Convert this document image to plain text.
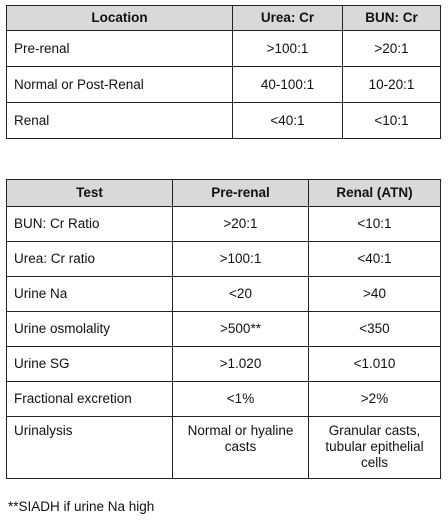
Location	Urea: Cr	BUN: Cr
Pre-renal	>100:1	>20:1
Normal or Post-Renal	40-100:1	10-20:1
Renal	<40:1	<10:1
Test	Pre-renal	Renal (ATN)
BUN: Cr Ratio	>20:1	<10:1
Urea: Cr ratio	>100:1	<40:1
Urine Na	<20	>40
Urine osmolality	>500**	<350
Urine SG	>1.020	<1.010
Fractional excretion	<1%	>2%
Urinalysis	Normal or hyaline casts	Granular casts, tubular epithelial cells
**SIADH if urine Na high
